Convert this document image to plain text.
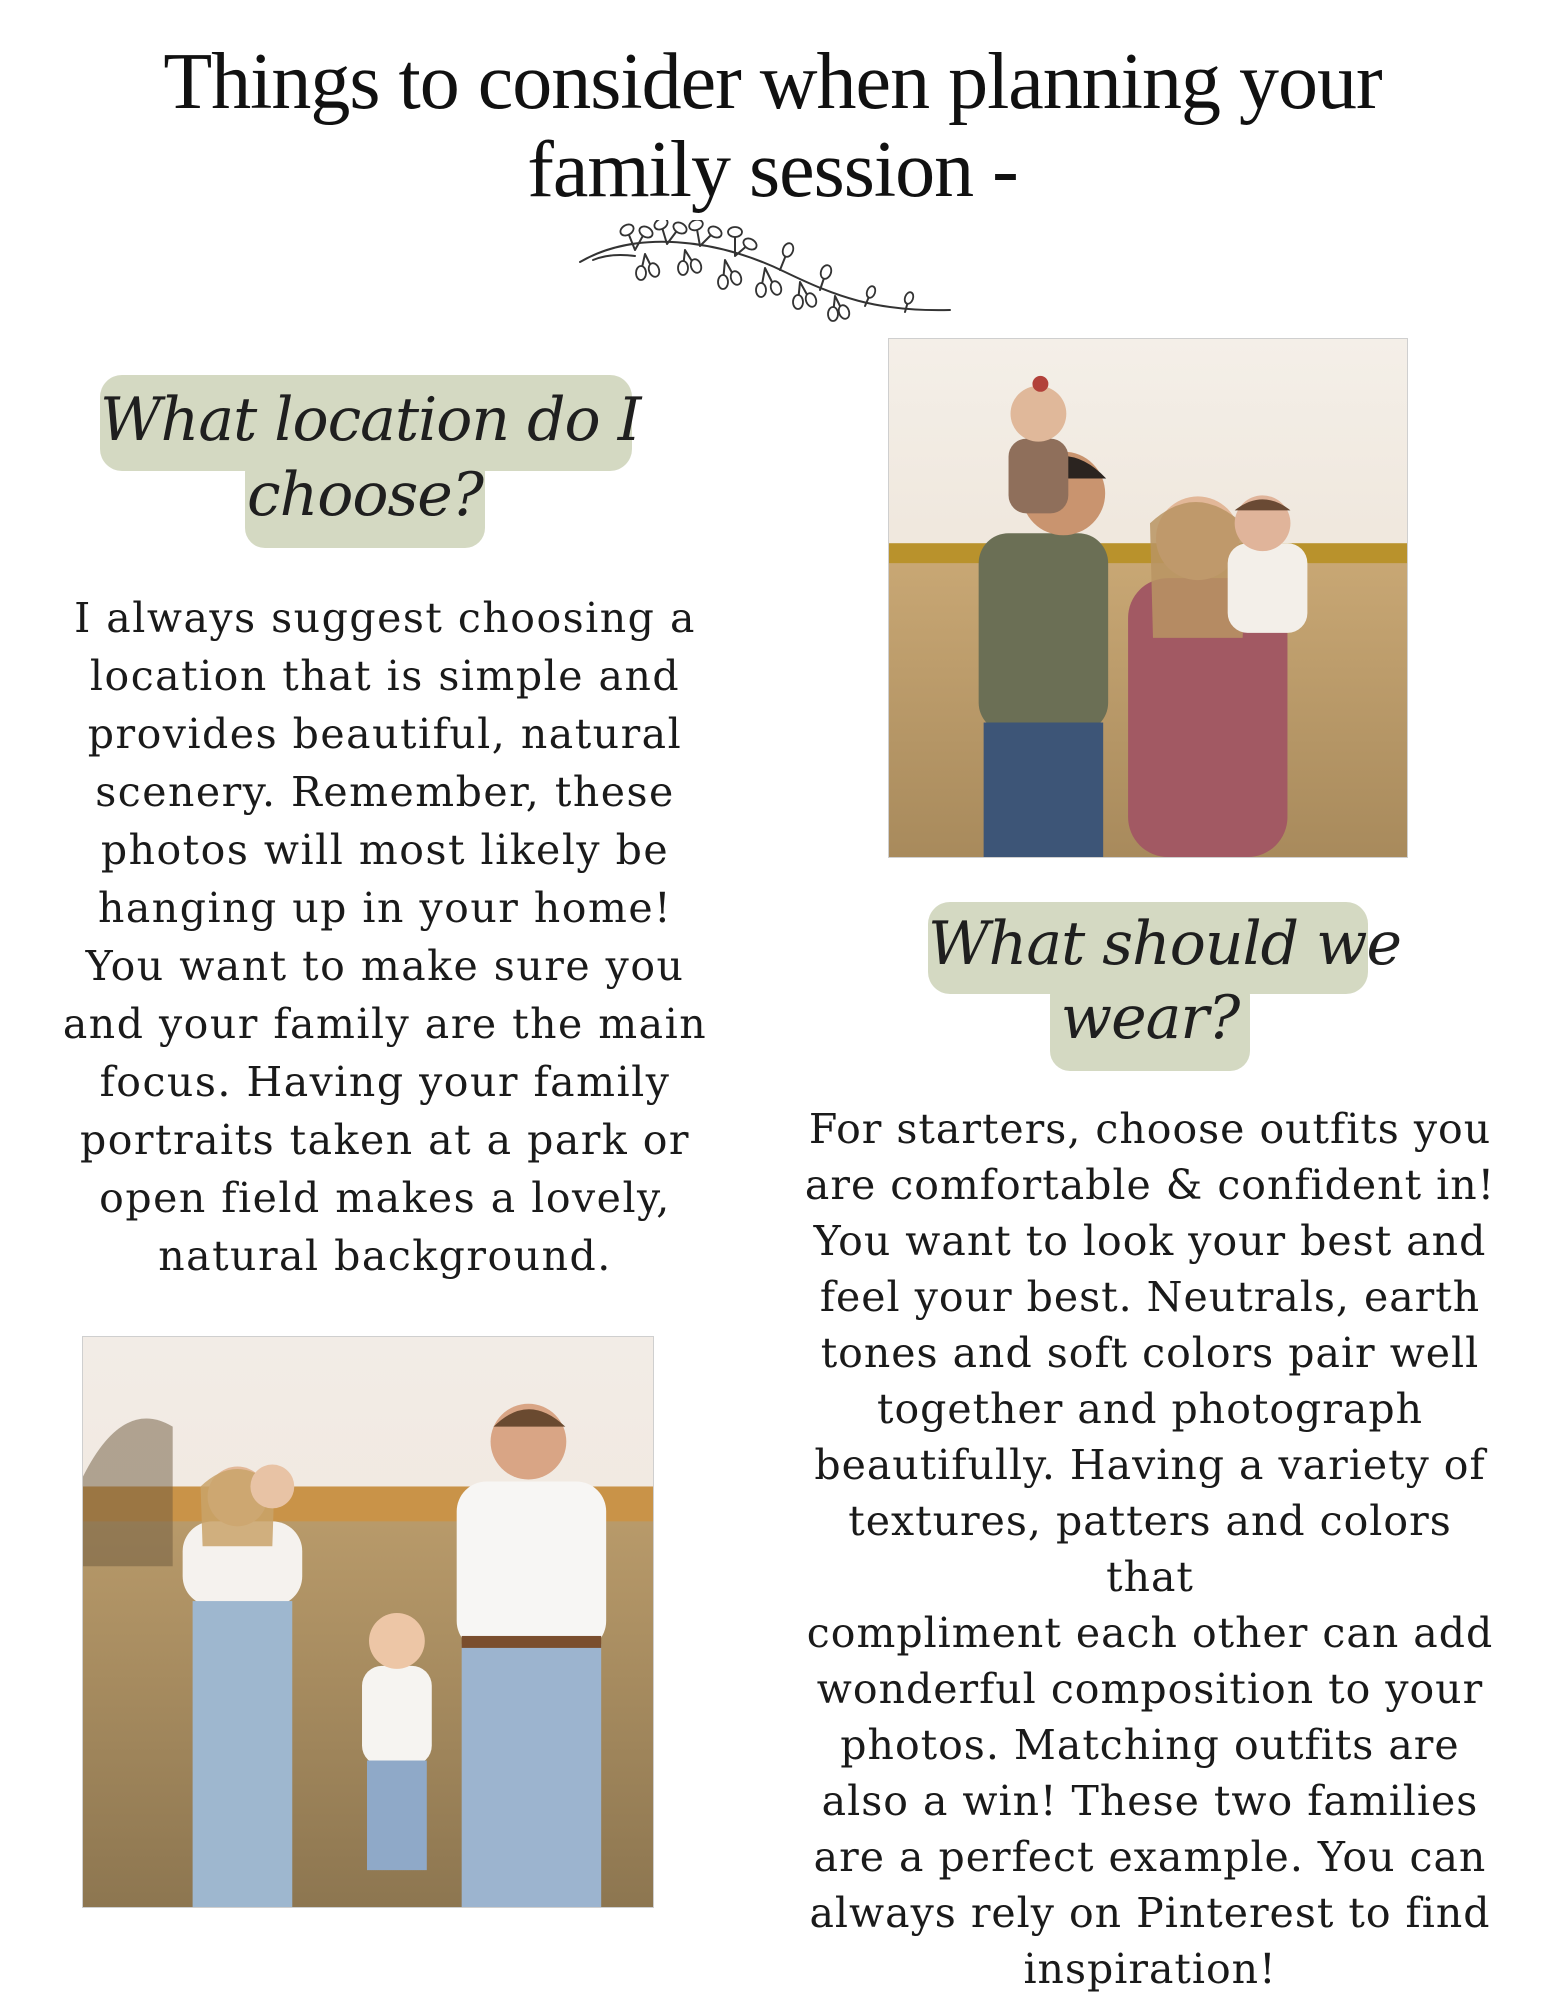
Things to consider when planning your
family session -
What location do I
choose?
I always suggest choosing a
location that is simple and
provides beautiful, natural
scenery. Remember, these
photos will most likely be
hanging up in your home!
You want to make sure you
and your family are the main
focus. Having your family
portraits taken at a park or
open field makes a lovely,
natural background.
What should we
wear?
For starters, choose outfits you
are comfortable & confident in!
You want to look your best and
feel your best. Neutrals, earth
tones and soft colors pair well
together and photograph
beautifully. Having a variety of
textures, patters and colors that
compliment each other can add
wonderful composition to your
photos. Matching outfits are
also a win! These two families
are a perfect example. You can
always rely on Pinterest to find
inspiration!
